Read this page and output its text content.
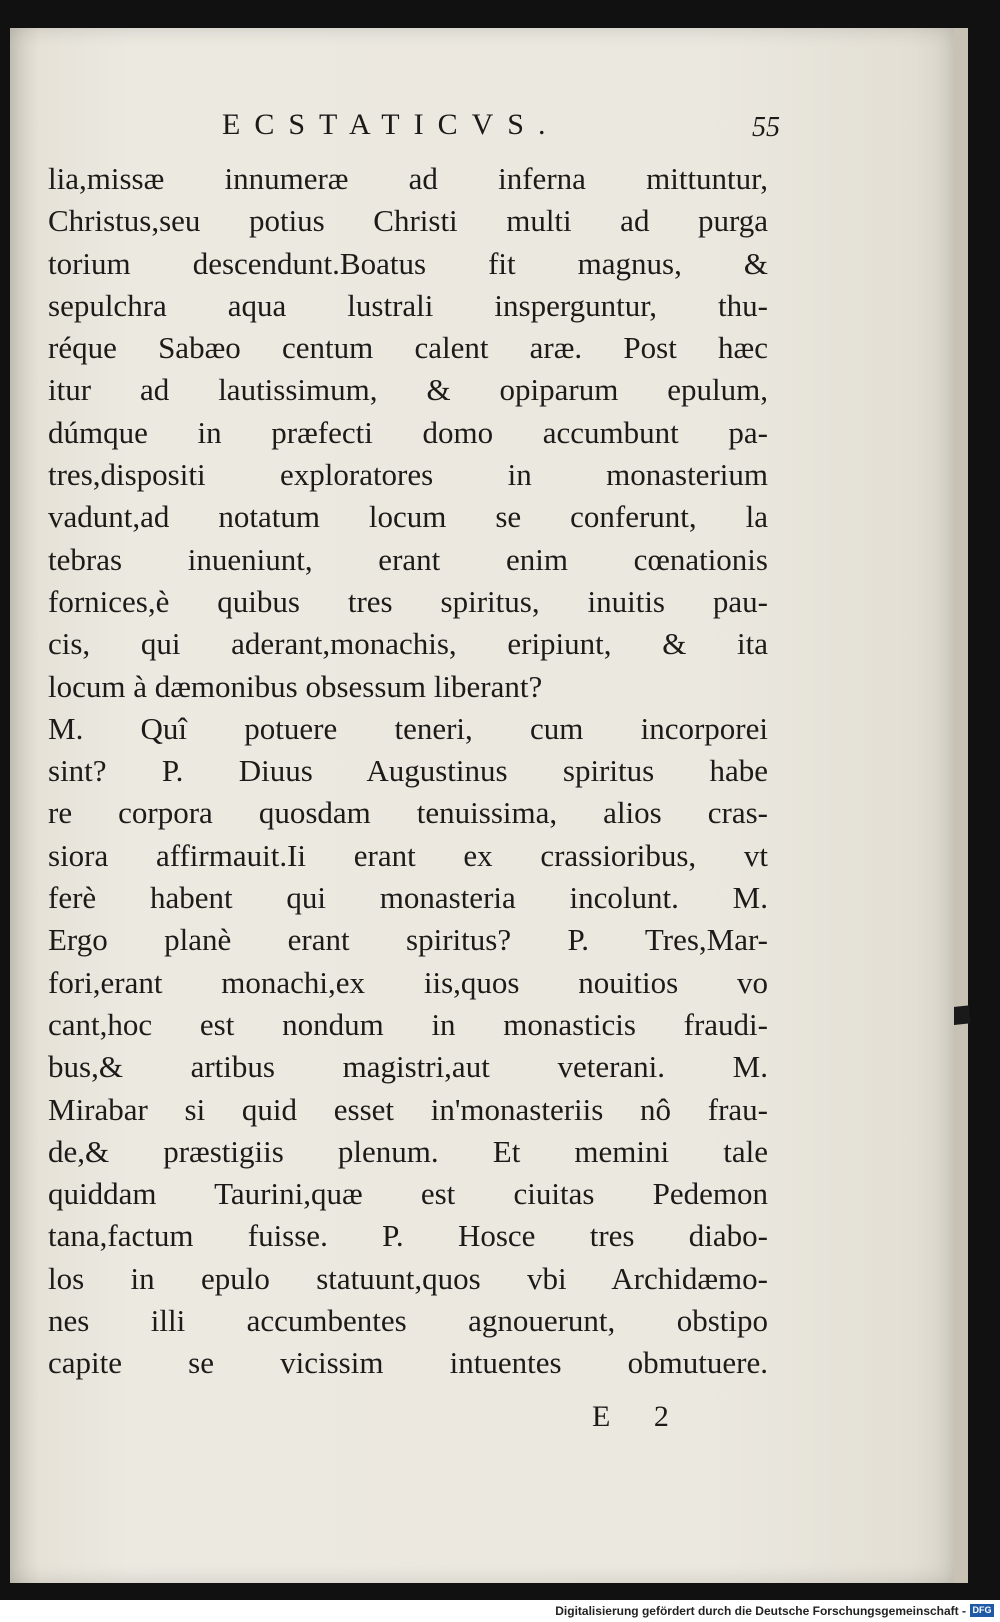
ECSTATICVS.	55
lia,missæ innumeræ ad inferna mittuntur,
Christus,seu potius Christi multi ad purga
torium descendunt.Boatus fit magnus, &
sepulchra aqua lustrali insperguntur, thu-
réque Sabæo centum calent aræ. Post hæc
itur ad lautissimum, & opiparum epulum,
dúmque in præfecti domo accumbunt pa-
tres,dispositi exploratores in monasterium
vadunt,ad notatum locum se conferunt, la
tebras inueniunt, erant enim cœnationis
fornices,è quibus tres spiritus, inuitis pau-
cis, qui aderant,monachis, eripiunt, & ita
locum à dæmonibus obsessum liberant?
M. Quî potuere teneri, cum incorporei
sint? P. Diuus Augustinus spiritus habe
re corpora quosdam tenuissima, alios cras-
siora affirmauit.Ii erant ex crassioribus, vt
ferè habent qui monasteria incolunt. M.
Ergo planè erant spiritus? P. Tres,Mar-
fori,erant monachi,ex iis,quos nouitios vo
cant,hoc est nondum in monasticis fraudi-
bus,& artibus magistri,aut veterani. M.
Mirabar si quid esset in'monasteriis nô frau-
de,& præstigiis plenum. Et memini tale
quiddam Taurini,quæ est ciuitas Pedemon
tana,factum fuisse. P. Hosce tres diabo-
los in epulo statuunt,quos vbi Archidæmo-
nes illi accumbentes agnouerunt, obstipo
capite se vicissim intuentes obmutuere.
E 2
Digitalisierung gefördert durch die Deutsche Forschungsgemeinschaft - DFG
